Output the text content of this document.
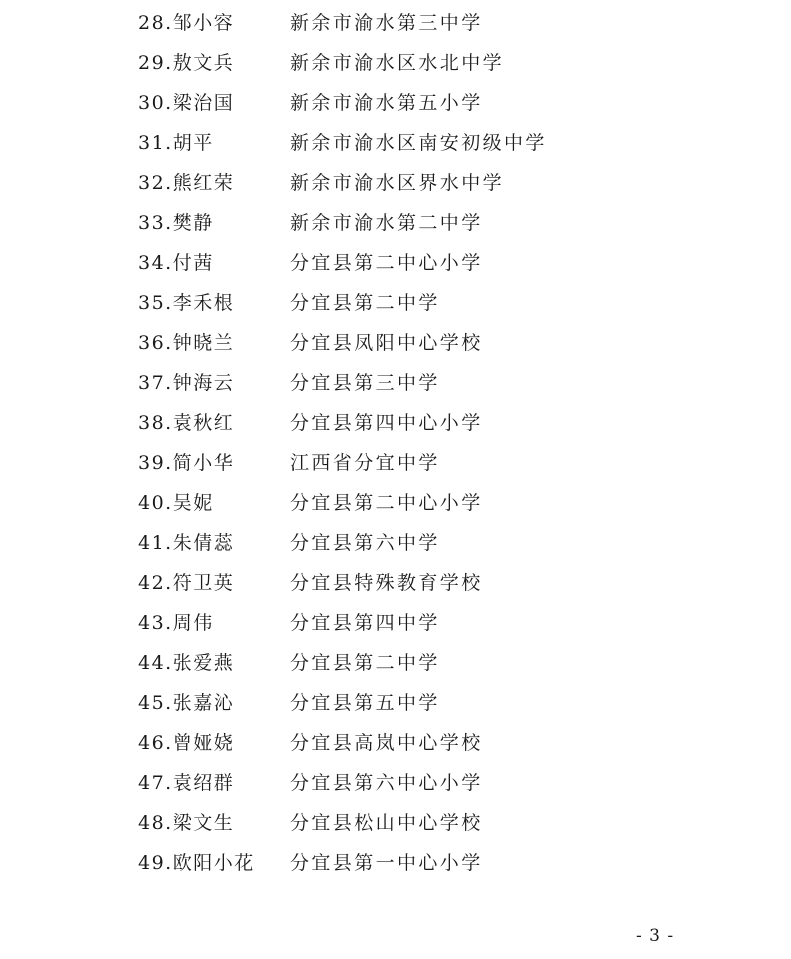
28.邹小容	新余市渝水第三中学
29.敖文兵	新余市渝水区水北中学
30.梁治国	新余市渝水第五小学
31.胡平	新余市渝水区南安初级中学
32.熊红荣	新余市渝水区界水中学
33.樊静	新余市渝水第二中学
34.付茜	分宜县第二中心小学
35.李禾根	分宜县第二中学
36.钟晓兰	分宜县凤阳中心学校
37.钟海云	分宜县第三中学
38.袁秋红	分宜县第四中心小学
39.简小华	江西省分宜中学
40.吴妮	分宜县第二中心小学
41.朱倩蕊	分宜县第六中学
42.符卫英	分宜县特殊教育学校
43.周伟	分宜县第四中学
44.张爱燕	分宜县第二中学
45.张嘉沁	分宜县第五中学
46.曾娅娆	分宜县高岚中心学校
47.袁绍群	分宜县第六中心小学
48.梁文生	分宜县松山中心学校
49.欧阳小花	分宜县第一中心小学
- 3 -
